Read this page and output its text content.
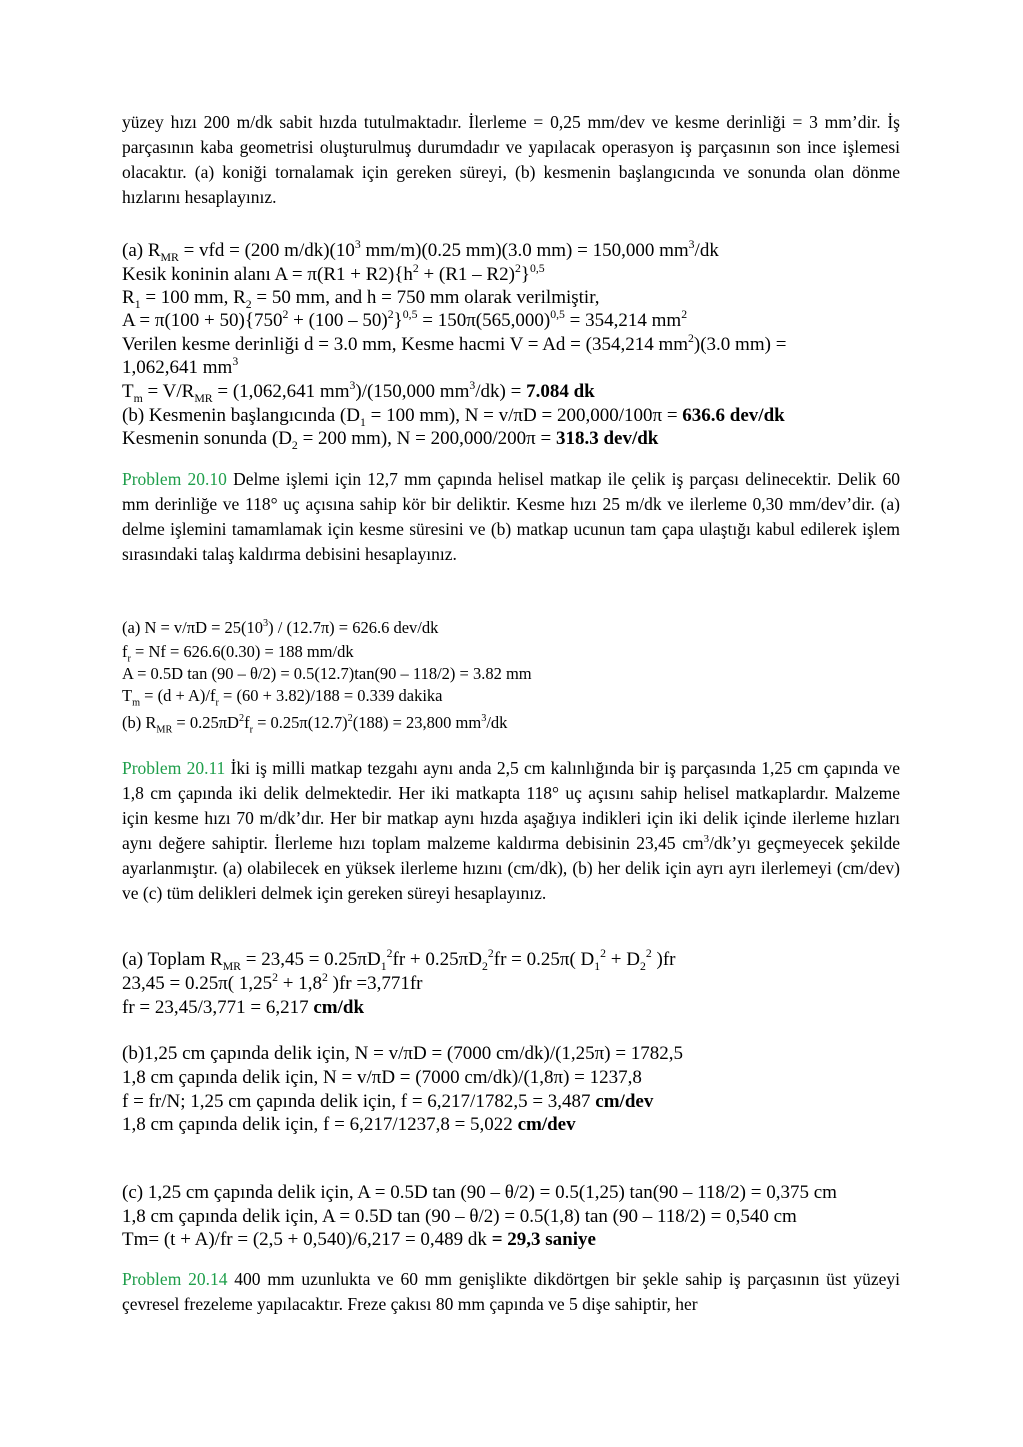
yüzey hızı 200 m/dk sabit hızda tutulmaktadır. İlerleme = 0,25 mm/dev ve kesme derinliği = 3 mm’dir. İş parçasının kaba geometrisi oluşturulmuş durumdadır ve yapılacak operasyon iş parçasının son ince işlemesi olacaktır. (a) koniği tornalamak için gereken süreyi, (b) kesmenin başlangıcında ve sonunda olan dönme hızlarını hesaplayınız.

(a) $R_{MR}$ = vfd = (200 $m/dk)(10^3$ mm/m)(0.25 mm)(3.0 mm) = 150,000 $mm^3/dk$
Kesik koninin alanı $A = \pi(R1 + R2)\{h^2 + (R1 - R2)^2\}^{0,5}$
$R_1 = 100$ mm, $R_2 = 50$ mm, and h = 750 mm olarak verilmiştir,
$A = \pi(100 + 50)\{750^2 + (100 - 50)^2\}^{0,5} = 150\pi(565,000)^{0,5} = 354,214$ $mm^2$
Verilen kesme derinliği d = 3.0 mm, Kesme hacmi V = Ad = (354,214 $mm^2)(3.0$ mm) =
1,062,641 $mm^3$
$T_m = V/R_{MR} = (1,062,641$ $mm^3)/(150,000$ $mm^3/dk) = 7.084$ dk
(b) Kesmenin başlangıcında ($D_1 = 100$ mm), N = v/πD = 200,000/100π = 636.6 dev/dk
Kesmenin sonunda ($D_2 = 200$ mm), N = 200,000/200π = 318.3 dev/dk

Problem 20.10 Delme işlemi için 12,7 mm çapında helisel matkap ile çelik iş parçası delinecektir. Delik 60 mm derinliğe ve 118° uç açısına sahip kör bir deliktir. Kesme hızı 25 m/dk ve ilerleme 0,30 mm/dev’dir. (a) delme işlemini tamamlamak için kesme süresini ve (b) matkap ucunun tam çapa ulaştığı kabul edilerek işlem sırasındaki talaş kaldırma debisini hesaplayınız.

(a) $N = v/\pi D = 25(10^3) / (12.7\pi) = 626.6$ dev/dk
$f_r = Nf = 626.6(0.30) = 188$ mm/dk
A = 0.5D tan (90 – θ/2) = 0.5(12.7)tan(90 – 118/2) = 3.82 mm
$T_m = (d + A)/f_r = (60 + 3.82)/188 = 0.339$ dakika
(b) $R_{MR} = 0.25\pi D^2f_r = 0.25\pi(12.7)^2(188) = 23,800$ $mm^3/dk$

Problem 20.11 İki iş milli matkap tezgahı aynı anda 2,5 cm kalınlığında bir iş parçasında 1,25 cm çapında ve 1,8 cm çapında iki delik delmektedir. Her iki matkapta 118° uç açısını sahip helisel matkaplardır. Malzeme için kesme hızı 70 m/dk’dır. Her bir matkap aynı hızda aşağıya indikleri için iki delik içinde ilerleme hızları aynı değere sahiptir. İlerleme hızı toplam malzeme kaldırma debisinin 23,45 $cm^3/dk’yı$ geçmeyecek şekilde ayarlanmıştır. (a) olabilecek en yüksek ilerleme hızını (cm/dk), (b) her delik için ayrı ayrı ilerlemeyi (cm/dev) ve (c) tüm delikleri delmek için gereken süreyi hesaplayınız.

(a) Toplam $R_{MR} = 23,45 = 0.25\pi D_1^2fr + 0.25\pi D_2^2fr = 0.25\pi$( $D_1^2 + D_2^2$ )fr
23,45 = 0.25π( $1,25^2 + 1,8^2$ )fr =3,771fr
fr = 23,45/3,771 = 6,217 cm/dk
(b)1,25 cm çapında delik için, N = v/πD = (7000 cm/dk)/(1,25π) = 1782,5
1,8 cm çapında delik için, N = v/πD = (7000 cm/dk)/(1,8π) = 1237,8
f = fr/N; 1,25 cm çapında delik için, f = 6,217/1782,5 = 3,487 cm/dev
1,8 cm çapında delik için, f = 6,217/1237,8 = 5,022 cm/dev
(c) 1,25 cm çapında delik için, A = 0.5D tan (90 – θ/2) = 0.5(1,25) tan(90 – 118/2) = 0,375 cm
1,8 cm çapında delik için, A = 0.5D tan (90 – θ/2) = 0.5(1,8) tan (90 – 118/2) = 0,540 cm
Tm= (t + A)/fr = (2,5 + 0,540)/6,217 = 0,489 dk = 29,3 saniye

Problem 20.14 400 mm uzunlukta ve 60 mm genişlikte dikdörtgen bir şekle sahip iş parçasının üst yüzeyi çevresel frezeleme yapılacaktır. Freze çakısı 80 mm çapında ve 5 dişe sahiptir, her
